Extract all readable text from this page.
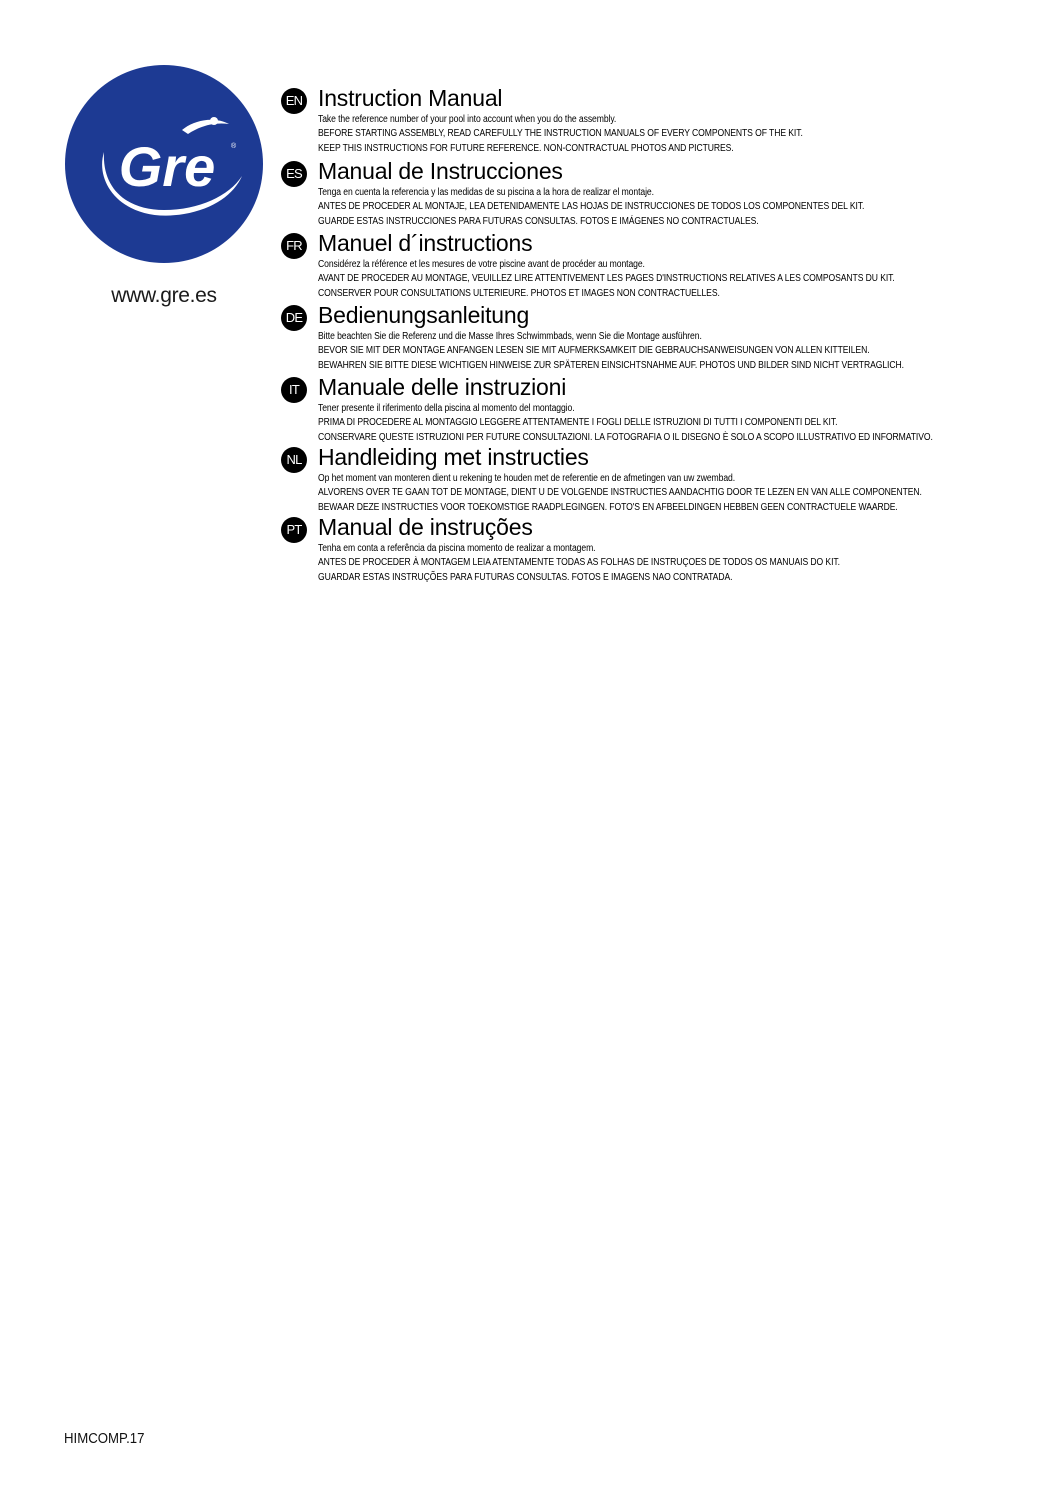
Gre ®
www.gre.es
EN Instruction Manual
Take the reference number of your pool into account when you do the assembly.
BEFORE STARTING ASSEMBLY, READ CAREFULLY THE INSTRUCTION MANUALS OF EVERY COMPONENTS OF THE KIT.
KEEP THIS INSTRUCTIONS FOR FUTURE REFERENCE. NON-CONTRACTUAL PHOTOS AND PICTURES.
ES Manual de Instrucciones
Tenga en cuenta la referencia y las medidas de su piscina a la hora de realizar el montaje.
ANTES DE PROCEDER AL MONTAJE, LEA DETENIDAMENTE LAS HOJAS DE INSTRUCCIONES DE TODOS LOS COMPONENTES DEL KIT.
GUARDE ESTAS INSTRUCCIONES PARA FUTURAS CONSULTAS. FOTOS E IMÁGENES NO CONTRACTUALES.
FR Manuel d´instructions
Considérez la référence et les mesures de votre piscine avant de procéder au montage.
AVANT DE PROCEDER AU MONTAGE, VEUILLEZ LIRE ATTENTIVEMENT LES PAGES D'INSTRUCTIONS RELATIVES A LES COMPOSANTS DU KIT.
CONSERVER POUR CONSULTATIONS ULTERIEURE. PHOTOS ET IMAGES NON CONTRACTUELLES.
DE Bedienungsanleitung
Bitte beachten Sie die Referenz und die Masse Ihres Schwimmbads, wenn Sie die Montage ausführen.
BEVOR SIE MIT DER MONTAGE ANFANGEN LESEN SIE MIT AUFMERKSAMKEIT DIE GEBRAUCHSANWEISUNGEN VON ALLEN KITTEILEN.
BEWAHREN SIE BITTE DIESE WICHTIGEN HINWEISE ZUR SPÄTEREN EINSICHTSNAHME AUF. PHOTOS UND BILDER SIND NICHT VERTRAGLICH.
IT Manuale delle instruzioni
Tener presente il riferimento della piscina al momento del montaggio.
PRIMA DI PROCEDERE AL MONTAGGIO LEGGERE ATTENTAMENTE I FOGLI DELLE ISTRUZIONI DI TUTTI I COMPONENTI DEL KIT.
CONSERVARE QUESTE ISTRUZIONI PER FUTURE CONSULTAZIONI. LA FOTOGRAFIA O IL DISEGNO È SOLO A SCOPO ILLUSTRATIVO ED INFORMATIVO.
NL Handleiding met instructies
Op het moment van monteren dient u rekening te houden met de referentie en de afmetingen van uw zwembad.
ALVORENS OVER TE GAAN TOT DE MONTAGE, DIENT U DE VOLGENDE INSTRUCTIES AANDACHTIG DOOR TE LEZEN EN VAN ALLE COMPONENTEN.
BEWAAR DEZE INSTRUCTIES VOOR TOEKOMSTIGE RAADPLEGINGEN. FOTO'S EN AFBEELDINGEN HEBBEN GEEN CONTRACTUELE WAARDE.
PT Manual de instruções
Tenha em conta a referência da piscina momento de realizar a montagem.
ANTES DE PROCEDER À MONTAGEM LEIA ATENTAMENTE TODAS AS FOLHAS DE INSTRUÇOES DE TODOS OS MANUAIS DO KIT.
GUARDAR ESTAS INSTRUÇÕES PARA FUTURAS CONSULTAS. FOTOS E IMAGENS NAO CONTRATADA.
HIMCOMP.17
